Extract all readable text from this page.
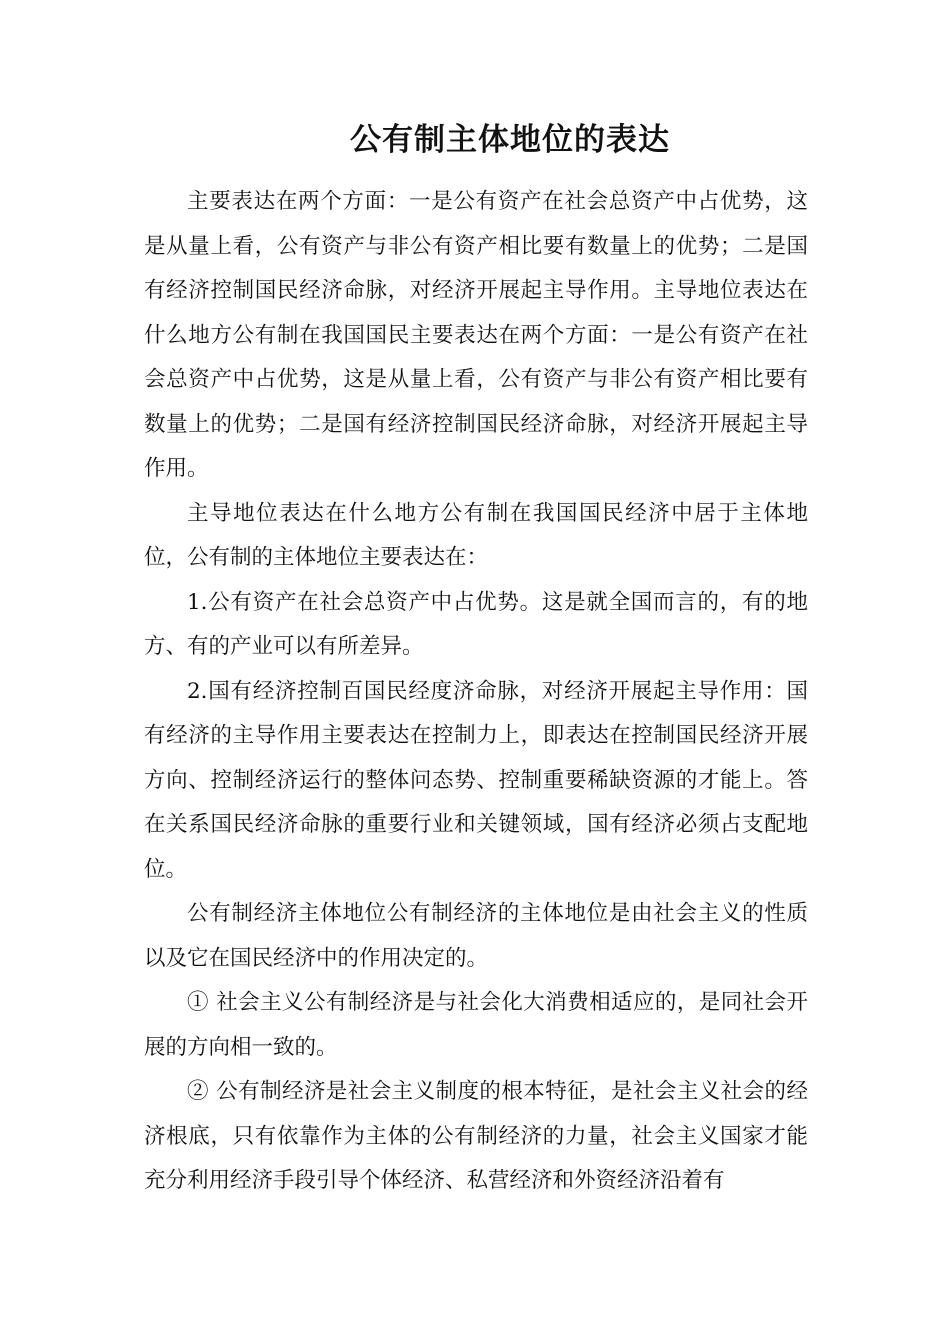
公有制主体地位的表达

主要表达在两个方面：一是公有资产在社会总资产中占优势，这是从量上看，公有资产与非公有资产相比要有数量上的优势；二是国有经济控制国民经济命脉，对经济开展起主导作用。主导地位表达在什么地方公有制在我国国民主要表达在两个方面：一是公有资产在社会总资产中占优势，这是从量上看，公有资产与非公有资产相比要有数量上的优势；二是国有经济控制国民经济命脉，对经济开展起主导作用。

主导地位表达在什么地方公有制在我国国民经济中居于主体地位，公有制的主体地位主要表达在：

1.公有资产在社会总资产中占优势。这是就全国而言的，有的地方、有的产业可以有所差异。

2.国有经济控制百国民经度济命脉，对经济开展起主导作用：国有经济的主导作用主要表达在控制力上，即表达在控制国民经济开展方向、控制经济运行的整体问态势、控制重要稀缺资源的才能上。答在关系国民经济命脉的重要行业和关键领域，国有经济必须占支配地位。

公有制经济主体地位公有制经济的主体地位是由社会主义的性质以及它在国民经济中的作用决定的。

① 社会主义公有制经济是与社会化大消费相适应的，是同社会开展的方向相一致的。

② 公有制经济是社会主义制度的根本特征，是社会主义社会的经济根底，只有依靠作为主体的公有制经济的力量，社会主义国家才能充分利用经济手段引导个体经济、私营经济和外资经济沿着有
